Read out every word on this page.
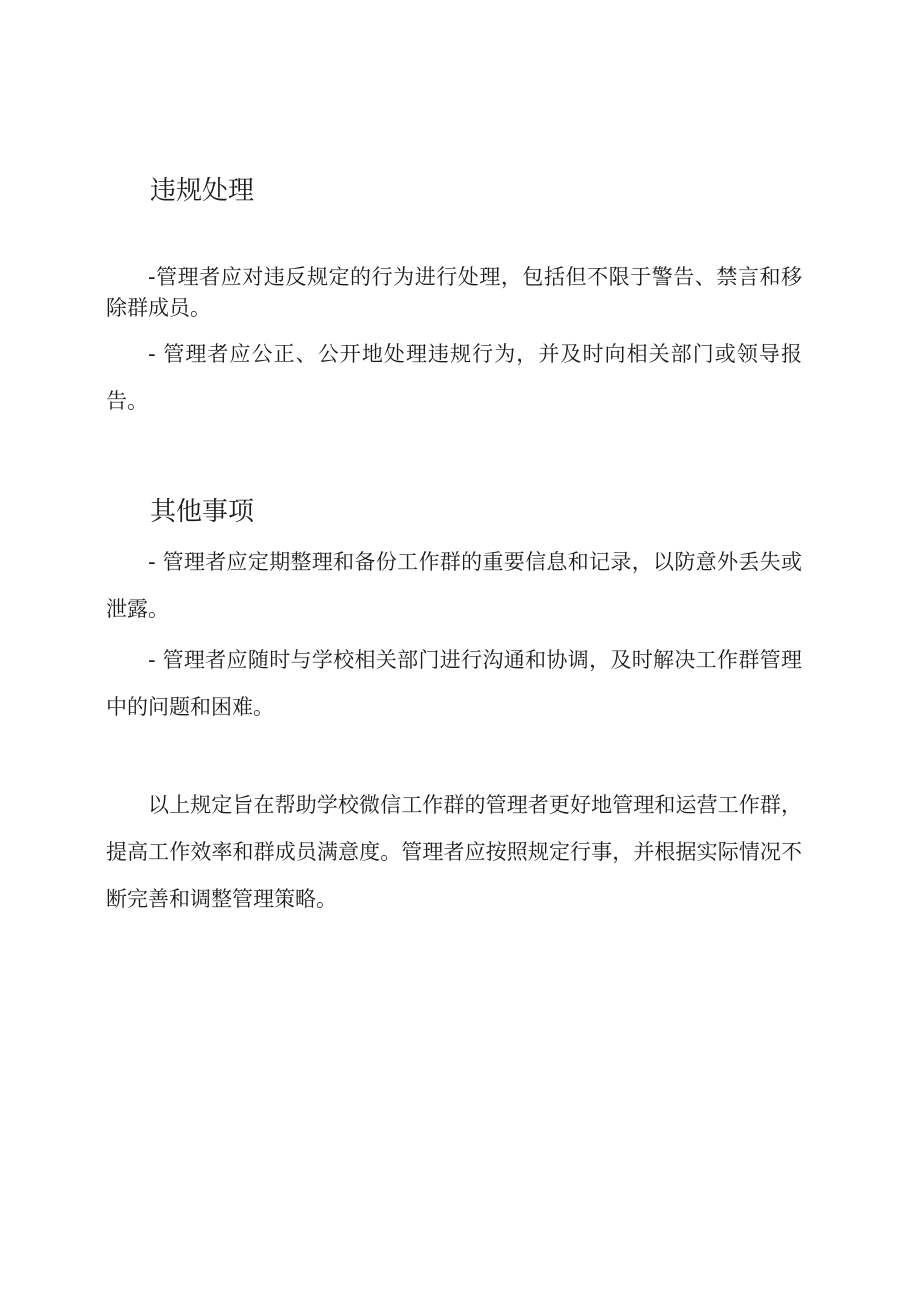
违规处理

-管理者应对违反规定的行为进行处理，包括但不限于警告、禁言和移除群成员。

- 管理者应公正、公开地处理违规行为，并及时向相关部门或领导报告。

其他事项

- 管理者应定期整理和备份工作群的重要信息和记录，以防意外丢失或泄露。

- 管理者应随时与学校相关部门进行沟通和协调，及时解决工作群管理中的问题和困难。

以上规定旨在帮助学校微信工作群的管理者更好地管理和运营工作群，提高工作效率和群成员满意度。管理者应按照规定行事，并根据实际情况不断完善和调整管理策略。
